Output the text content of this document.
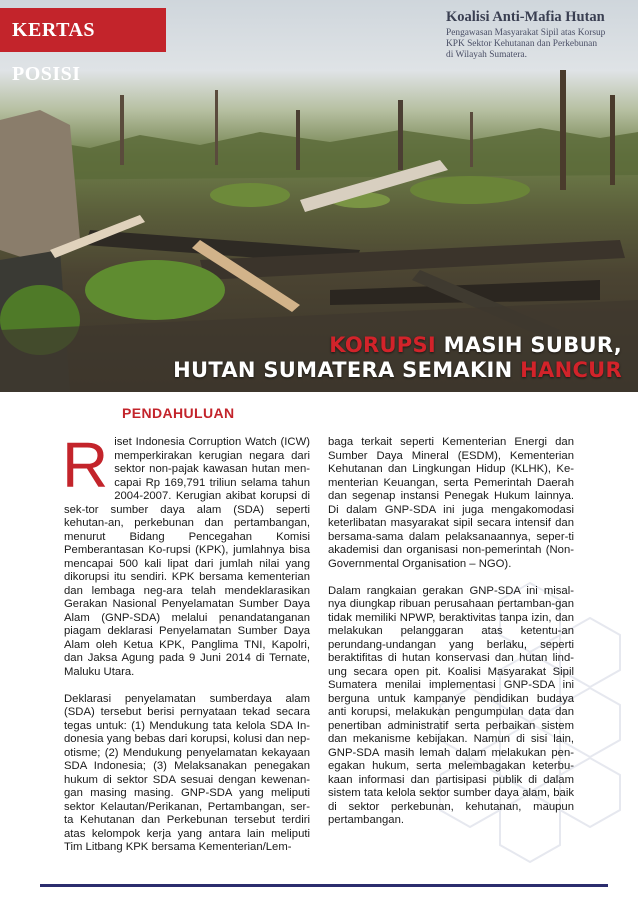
KERTAS POSISI
Koalisi Anti-Mafia Hutan
Pengawasan Masyarakat Sipil atas Korsup
KPK Sektor Kehutanan dan Perkebunan
di Wilayah Sumatera.
KORUPSI MASIH SUBUR,
HUTAN SUMATERA SEMAKIN HANCUR
PENDAHULUAN

Riset Indonesia Corruption Watch (ICW) memperkirakan kerugian negara dari sektor non-pajak kawasan hutan men-capai Rp 169,791 triliun selama tahun 2004-2007. Kerugian akibat korupsi di sek-tor sumber daya alam (SDA) seperti kehutan-an, perkebunan dan pertambangan, menurut Bidang Pencegahan Komisi Pemberantasan Ko-rupsi (KPK), jumlahnya bisa mencapai 500 kali lipat dari jumlah nilai yang dikorupsi itu sendiri. KPK bersama kementerian dan lembaga neg-ara telah mendeklarasikan Gerakan Nasional Penyelamatan Sumber Daya Alam (GNP-SDA) melalui penandatanganan piagam deklarasi Penyelamatan Sumber Daya Alam oleh Ketua KPK, Panglima TNI, Kapolri, dan Jaksa Agung pada 9 Juni 2014 di Ternate, Maluku Utara.

Deklarasi penyelamatan sumberdaya alam (SDA) tersebut berisi pernyataan tekad secara tegas untuk: (1) Mendukung tata kelola SDA In-donesia yang bebas dari korupsi, kolusi dan nep-otisme; (2) Mendukung penyelamatan kekayaan SDA Indonesia; (3) Melaksanakan penegakan hukum di sektor SDA sesuai dengan kewenan-gan masing masing. GNP-SDA yang meliputi sektor Kelautan/Perikanan, Pertambangan, ser-ta Kehutanan dan Perkebunan tersebut terdiri atas kelompok kerja yang antara lain meliputi Tim Litbang KPK bersama Kementerian/Lem-

baga terkait seperti Kementerian Energi dan Sumber Daya Mineral (ESDM), Kementerian Kehutanan dan Lingkungan Hidup (KLHK), Ke-menterian Keuangan, serta Pemerintah Daerah dan segenap instansi Penegak Hukum lainnya. Di dalam GNP-SDA ini juga mengakomodasi keterlibatan masyarakat sipil secara intensif dan bersama-sama dalam pelaksanaannya, seper-ti akademisi dan organisasi non-pemerintah (Non-Governmental Organisation – NGO).

Dalam rangkaian gerakan GNP-SDA ini misal-nya diungkap ribuan perusahaan pertamban-gan tidak memiliki NPWP, beraktivitas tanpa izin, dan melakukan pelanggaran atas ketentu-an perundang-undangan yang berlaku, seperti beraktifitas di hutan konservasi dan hutan lind-ung secara open pit. Koalisi Masyarakat Sipil Sumatera menilai implementasi GNP-SDA ini berguna untuk kampanye pendidikan budaya anti korupsi, melakukan pengumpulan data dan penertiban administratif serta perbaikan sistem dan mekanisme kebijakan. Namun di sisi lain, GNP-SDA masih lemah dalam melakukan pen-egakan hukum, serta melembagakan keterbu-kaan informasi dan partisipasi publik di dalam sistem tata kelola sektor sumber daya alam, baik di sektor perkebunan, kehutanan, maupun pertambangan.
